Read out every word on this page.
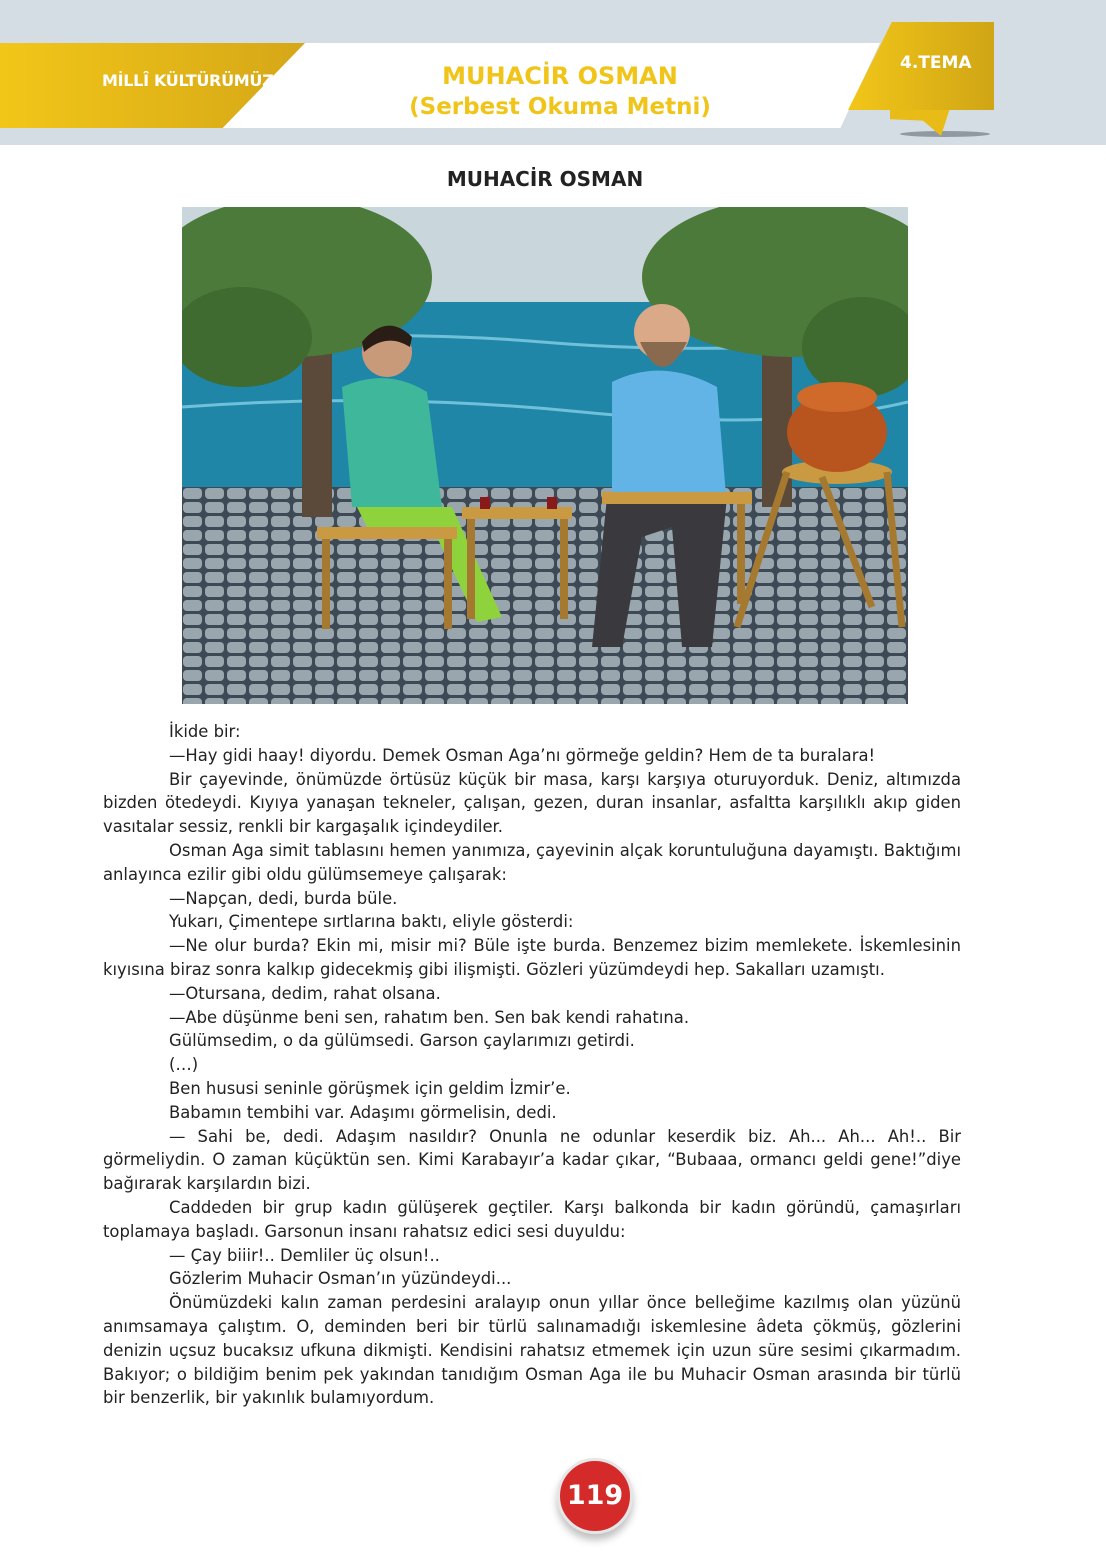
MİLLÎ KÜLTÜRÜMÜZ	MUHACİR OSMAN
(Serbest Okuma Metni)
4.TEMA
MUHACİR OSMAN

İkide bir:

—Hay gidi haay! diyordu. Demek Osman Aga’nı görmeğe geldin? Hem de ta buralara!

Bir çayevinde, önümüzde örtüsüz küçük bir masa, karşı karşıya oturuyorduk. Deniz, altımızda bizden ötedeydi. Kıyıya yanaşan tekneler, çalışan, gezen, duran insanlar, asfaltta karşılıklı akıp giden vasıtalar sessiz, renkli bir kargaşalık içindeydiler.

Osman Aga simit tablasını hemen yanımıza, çayevinin alçak koruntuluğuna dayamıştı. Baktığımı anlayınca ezilir gibi oldu gülümsemeye çalışarak:

—Napçan, dedi, burda büle.

Yukarı, Çimentepe sırtlarına baktı, eliyle gösterdi:

—Ne olur burda? Ekin mi, misir mi? Büle işte burda. Benzemez bizim memlekete. İskemlesinin kıyısına biraz sonra kalkıp gidecekmiş gibi ilişmişti. Gözleri yüzümdeydi hep. Sakalları uzamıştı.

—Otursana, dedim, rahat olsana.

—Abe düşünme beni sen, rahatım ben. Sen bak kendi rahatına.

Gülümsedim, o da gülümsedi. Garson çaylarımızı getirdi.

(…)

Ben hususi seninle görüşmek için geldim İzmir’e.

Babamın tembihi var. Adaşımı görmelisin, dedi.

— Sahi be, dedi. Adaşım nasıldır? Onunla ne odunlar keserdik biz. Ah... Ah... Ah!.. Bir görmeliydin. O zaman küçüktün sen. Kimi Karabayır’a kadar çıkar, “Bubaaa, ormancı geldi gene!”diye bağırarak karşılardın bizi.

Caddeden bir grup kadın gülüşerek geçtiler. Karşı balkonda bir kadın göründü, çamaşırları toplamaya başladı. Garsonun insanı rahatsız edici sesi duyuldu:

— Çay biiir!.. Demliler üç olsun!..

Gözlerim Muhacir Osman’ın yüzündeydi...

Önümüzdeki kalın zaman perdesini aralayıp onun yıllar önce belleğime kazılmış olan yüzünü anımsamaya çalıştım. O, deminden beri bir türlü salınamadığı iskemlesine âdeta çökmüş, gözlerini denizin uçsuz bucaksız ufkuna dikmişti. Kendisini rahatsız etmemek için uzun süre sesimi çıkarmadım. Bakıyor; o bildiğim benim pek yakından tanıdığım Osman Aga ile bu Muhacir Osman arasında bir türlü bir benzerlik, bir yakınlık bulamıyordum.

119
